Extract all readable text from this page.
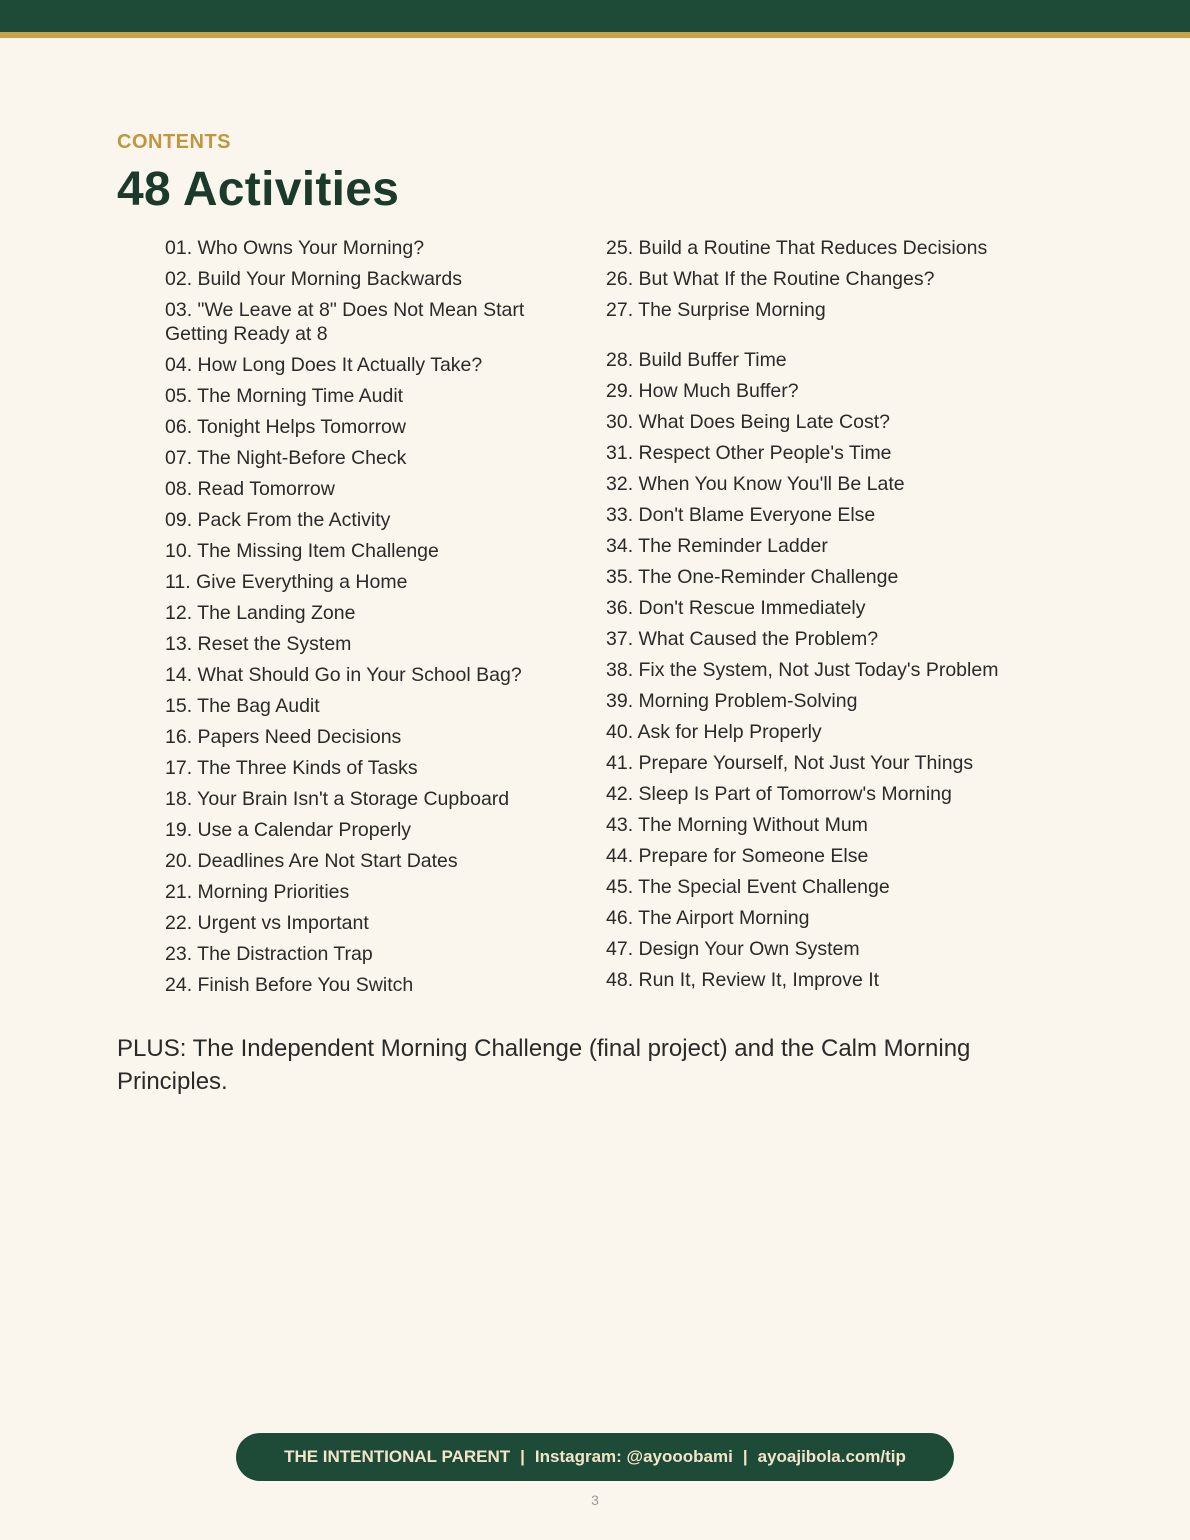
CONTENTS
48 Activities
01. Who Owns Your Morning?
02. Build Your Morning Backwards
03. "We Leave at 8" Does Not Mean Start Getting Ready at 8
04. How Long Does It Actually Take?
05. The Morning Time Audit
06. Tonight Helps Tomorrow
07. The Night-Before Check
08. Read Tomorrow
09. Pack From the Activity
10. The Missing Item Challenge
11. Give Everything a Home
12. The Landing Zone
13. Reset the System
14. What Should Go in Your School Bag?
15. The Bag Audit
16. Papers Need Decisions
17. The Three Kinds of Tasks
18. Your Brain Isn't a Storage Cupboard
19. Use a Calendar Properly
20. Deadlines Are Not Start Dates
21. Morning Priorities
22. Urgent vs Important
23. The Distraction Trap
24. Finish Before You Switch
25. Build a Routine That Reduces Decisions
26. But What If the Routine Changes?
27. The Surprise Morning
28. Build Buffer Time
29. How Much Buffer?
30. What Does Being Late Cost?
31. Respect Other People's Time
32. When You Know You'll Be Late
33. Don't Blame Everyone Else
34. The Reminder Ladder
35. The One-Reminder Challenge
36. Don't Rescue Immediately
37. What Caused the Problem?
38. Fix the System, Not Just Today's Problem
39. Morning Problem-Solving
40. Ask for Help Properly
41. Prepare Yourself, Not Just Your Things
42. Sleep Is Part of Tomorrow's Morning
43. The Morning Without Mum
44. Prepare for Someone Else
45. The Special Event Challenge
46. The Airport Morning
47. Design Your Own System
48. Run It, Review It, Improve It
PLUS: The Independent Morning Challenge (final project) and the Calm Morning Principles.
THE INTENTIONAL PARENT | Instagram: @ayooobami | ayoajibola.com/tip
3
